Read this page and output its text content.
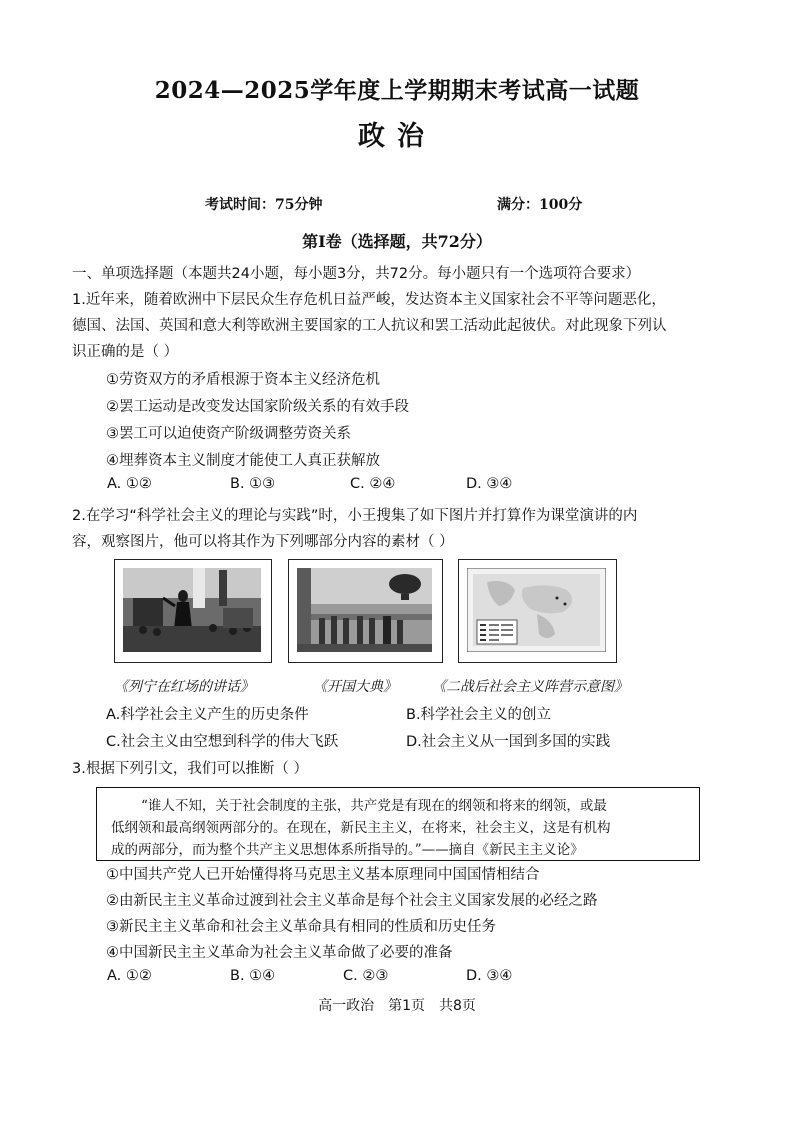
2024—2025学年度上学期期末考试高一试题
政治
考试时间：75分钟	满分：100分
第Ⅰ卷（选择题，共72分）
一、单项选择题（本题共24小题，每小题3分，共72分。每小题只有一个选项符合要求）
1.近年来，随着欧洲中下层民众生存危机日益严峻，发达资本主义国家社会不平等问题恶化，
德国、法国、英国和意大利等欧洲主要国家的工人抗议和罢工活动此起彼伏。对此现象下列认
识正确的是（ ）
①劳资双方的矛盾根源于资本主义经济危机
②罢工运动是改变发达国家阶级关系的有效手段
③罢工可以迫使资产阶级调整劳资关系
④埋葬资本主义制度才能使工人真正获解放
A. ①②	B. ①③	C. ②④	D. ③④
2.在学习“科学社会主义的理论与实践”时，小王搜集了如下图片并打算作为课堂演讲的内
容，观察图片，他可以将其作为下列哪部分内容的素材（ ）
《列宁在红场的讲话》	《开国大典》	《二战后社会主义阵营示意图》
A.科学社会主义产生的历史条件	B.科学社会主义的创立
C.社会主义由空想到科学的伟大飞跃	D.社会主义从一国到多国的实践
3.根据下列引文，我们可以推断（ ）
“谁人不知，关于社会制度的主张，共产党是有现在的纲领和将来的纲领，或最
低纲领和最高纲领两部分的。在现在，新民主主义，在将来，社会主义，这是有机构
成的两部分，而为整个共产主义思想体系所指导的。”——摘自《新民主主义论》
①中国共产党人已开始懂得将马克思主义基本原理同中国国情相结合
②由新民主主义革命过渡到社会主义革命是每个社会主义国家发展的必经之路
③新民主主义革命和社会主义革命具有相同的性质和历史任务
④中国新民主主义革命为社会主义革命做了必要的准备
A. ①②	B. ①④	C. ②③	D. ③④
高一政治　第1页　共8页
